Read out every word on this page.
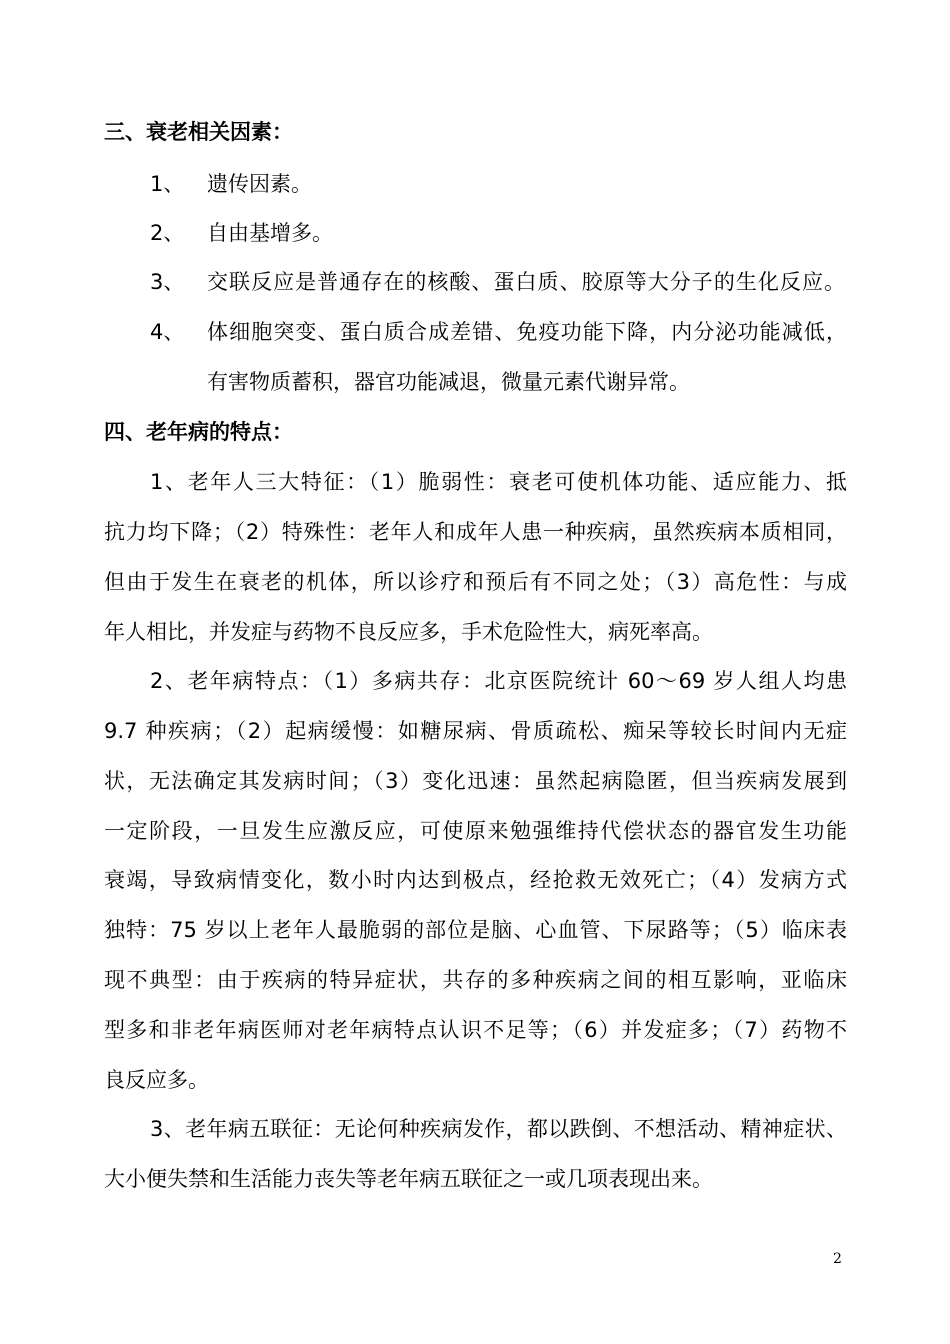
三、衰老相关因素：
1、 遗传因素。
2、 自由基增多。
3、 交联反应是普通存在的核酸、蛋白质、胶原等大分子的生化反应。
4、 体细胞突变、蛋白质合成差错、免疫功能下降，内分泌功能减低，
有害物质蓄积，器官功能减退，微量元素代谢异常。
四、老年病的特点：
1、老年人三大特征：（1）脆弱性：衰老可使机体功能、适应能力、抵
抗力均下降；（2）特殊性：老年人和成年人患一种疾病，虽然疾病本质相同，
但由于发生在衰老的机体，所以诊疗和预后有不同之处；（3）高危性：与成
年人相比，并发症与药物不良反应多，手术危险性大，病死率高。
2、老年病特点：（1）多病共存：北京医院统计 60～69 岁人组人均患
9.7 种疾病；（2）起病缓慢：如糖尿病、骨质疏松、痴呆等较长时间内无症
状，无法确定其发病时间；（3）变化迅速：虽然起病隐匿，但当疾病发展到
一定阶段，一旦发生应激反应，可使原来勉强维持代偿状态的器官发生功能
衰竭，导致病情变化，数小时内达到极点，经抢救无效死亡；（4）发病方式
独特：75 岁以上老年人最脆弱的部位是脑、心血管、下尿路等；（5）临床表
现不典型：由于疾病的特异症状，共存的多种疾病之间的相互影响，亚临床
型多和非老年病医师对老年病特点认识不足等；（6）并发症多；（7）药物不
良反应多。
3、老年病五联征：无论何种疾病发作，都以跌倒、不想活动、精神症状、
大小便失禁和生活能力丧失等老年病五联征之一或几项表现出来。
2
